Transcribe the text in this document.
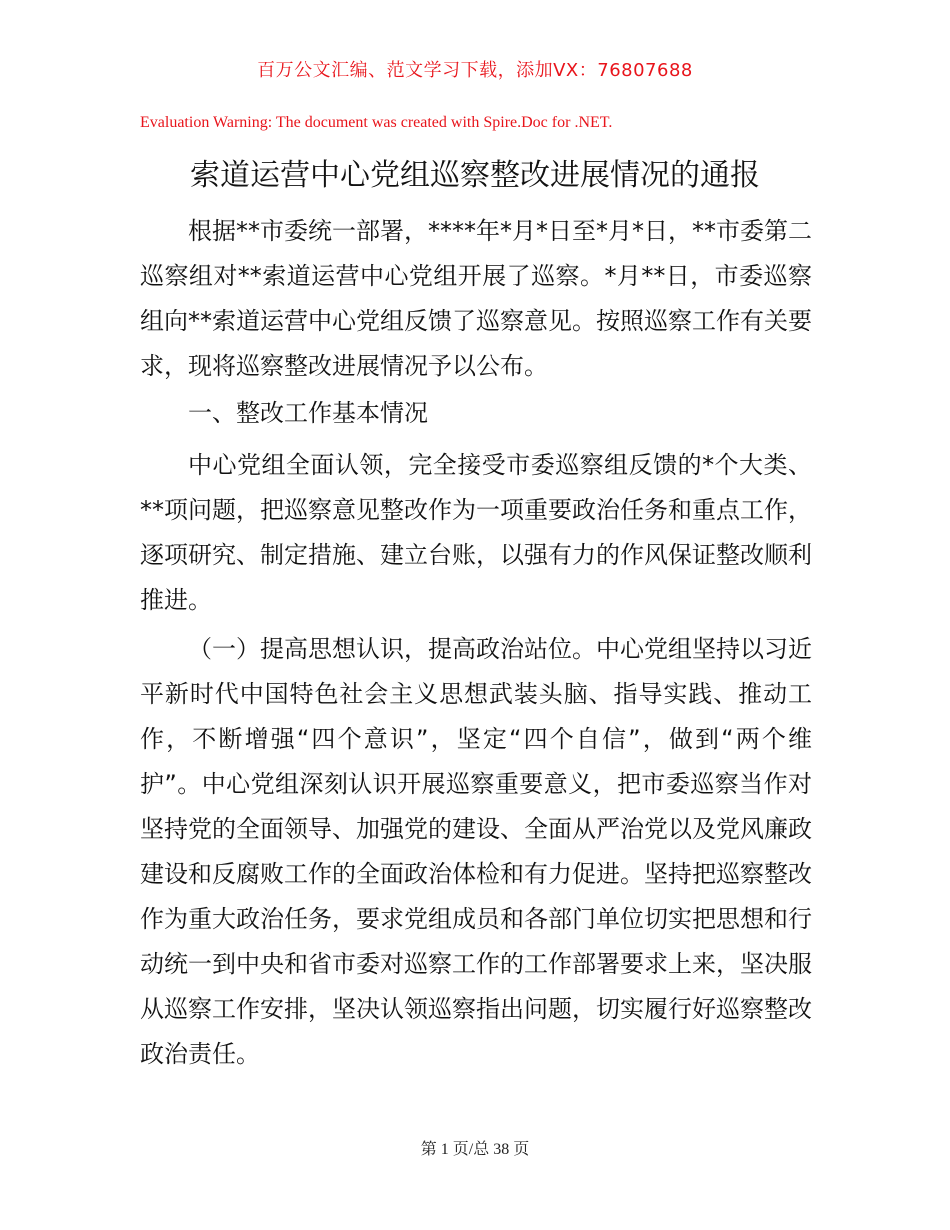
百万公文汇编、范文学习下载，添加VX：76807688
Evaluation Warning: The document was created with Spire.Doc for .NET.
索道运营中心党组巡察整改进展情况的通报

根据**市委统一部署，****年*月*日至*月*日，**市委第二巡察组对**索道运营中心党组开展了巡察。*月**日，市委巡察组向**索道运营中心党组反馈了巡察意见。按照巡察工作有关要求，现将巡察整改进展情况予以公布。

一、整改工作基本情况

中心党组全面认领，完全接受市委巡察组反馈的*个大类、**项问题，把巡察意见整改作为一项重要政治任务和重点工作，逐项研究、制定措施、建立台账，以强有力的作风保证整改顺利推进。

（一）提高思想认识，提高政治站位。中心党组坚持以习近平新时代中国特色社会主义思想武装头脑、指导实践、推动工作，不断增强“四个意识”，坚定“四个自信”，做到“两个维护”。中心党组深刻认识开展巡察重要意义，把市委巡察当作对坚持党的全面领导、加强党的建设、全面从严治党以及党风廉政建设和反腐败工作的全面政治体检和有力促进。坚持把巡察整改作为重大政治任务，要求党组成员和各部门单位切实把思想和行动统一到中央和省市委对巡察工作的工作部署要求上来，坚决服从巡察工作安排，坚决认领巡察指出问题，切实履行好巡察整改政治责任。

第 1 页/总 38 页
